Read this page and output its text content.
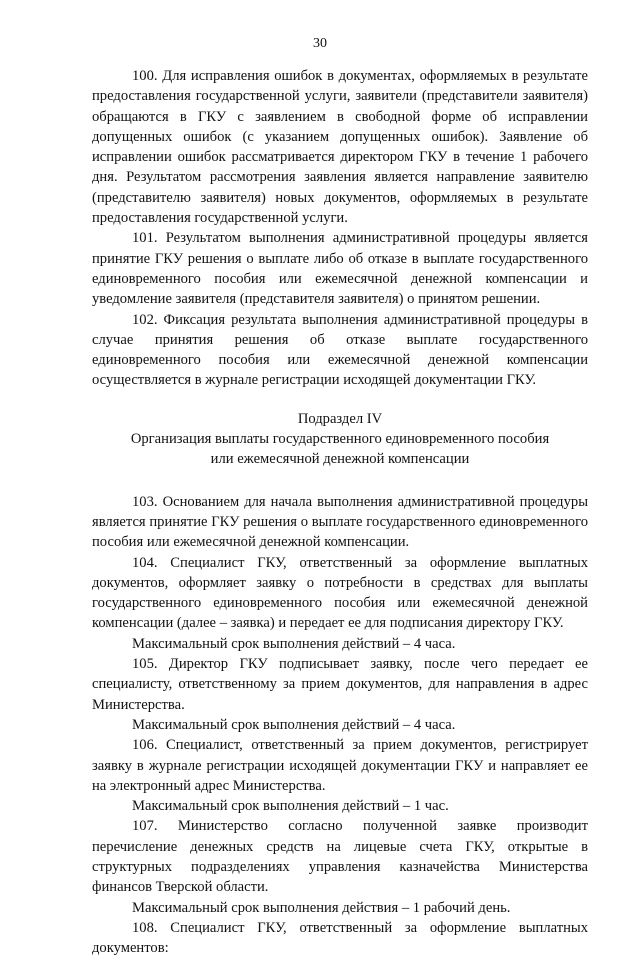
30

100. Для исправления ошибок в документах, оформляемых в результате предоставления государственной услуги, заявители (представители заявителя) обращаются в ГКУ с заявлением в свободной форме об исправлении допущенных ошибок (с указанием допущенных ошибок). Заявление об исправлении ошибок рассматривается директором ГКУ в течение 1 рабочего дня. Результатом рассмотрения заявления является направление заявителю (представителю заявителя) новых документов, оформляемых в результате предоставления государственной услуги.

101. Результатом выполнения административной процедуры является принятие ГКУ решения о выплате либо об отказе в выплате государственного единовременного пособия или ежемесячной денежной компенсации и уведомление заявителя (представителя заявителя) о принятом решении.

102. Фиксация результата выполнения административной процедуры в случае принятия решения об отказе выплате государственного единовременного пособия или ежемесячной денежной компенсации осуществляется в журнале регистрации исходящей документации ГКУ.

Подраздел IV
Организация выплаты государственного единовременного пособия
или ежемесячной денежной компенсации

103. Основанием для начала выполнения административной процедуры является принятие ГКУ решения о выплате государственного единовременного пособия или ежемесячной денежной компенсации.

104. Специалист ГКУ, ответственный за оформление выплатных документов, оформляет заявку о потребности в средствах для выплаты государственного единовременного пособия или ежемесячной денежной компенсации (далее – заявка) и передает ее для подписания директору ГКУ.

Максимальный срок выполнения действий – 4 часа.

105. Директор ГКУ подписывает заявку, после чего передает ее специалисту, ответственному за прием документов, для направления в адрес Министерства.

Максимальный срок выполнения действий – 4 часа.

106. Специалист, ответственный за прием документов, регистрирует заявку в журнале регистрации исходящей документации ГКУ и направляет ее на электронный адрес Министерства.

Максимальный срок выполнения действий – 1 час.

107. Министерство согласно полученной заявке производит перечисление денежных средств на лицевые счета ГКУ, открытые в структурных подразделениях управления казначейства Министерства финансов Тверской области.

Максимальный срок выполнения действия – 1 рабочий день.

108. Специалист ГКУ, ответственный за оформление выплатных документов:
